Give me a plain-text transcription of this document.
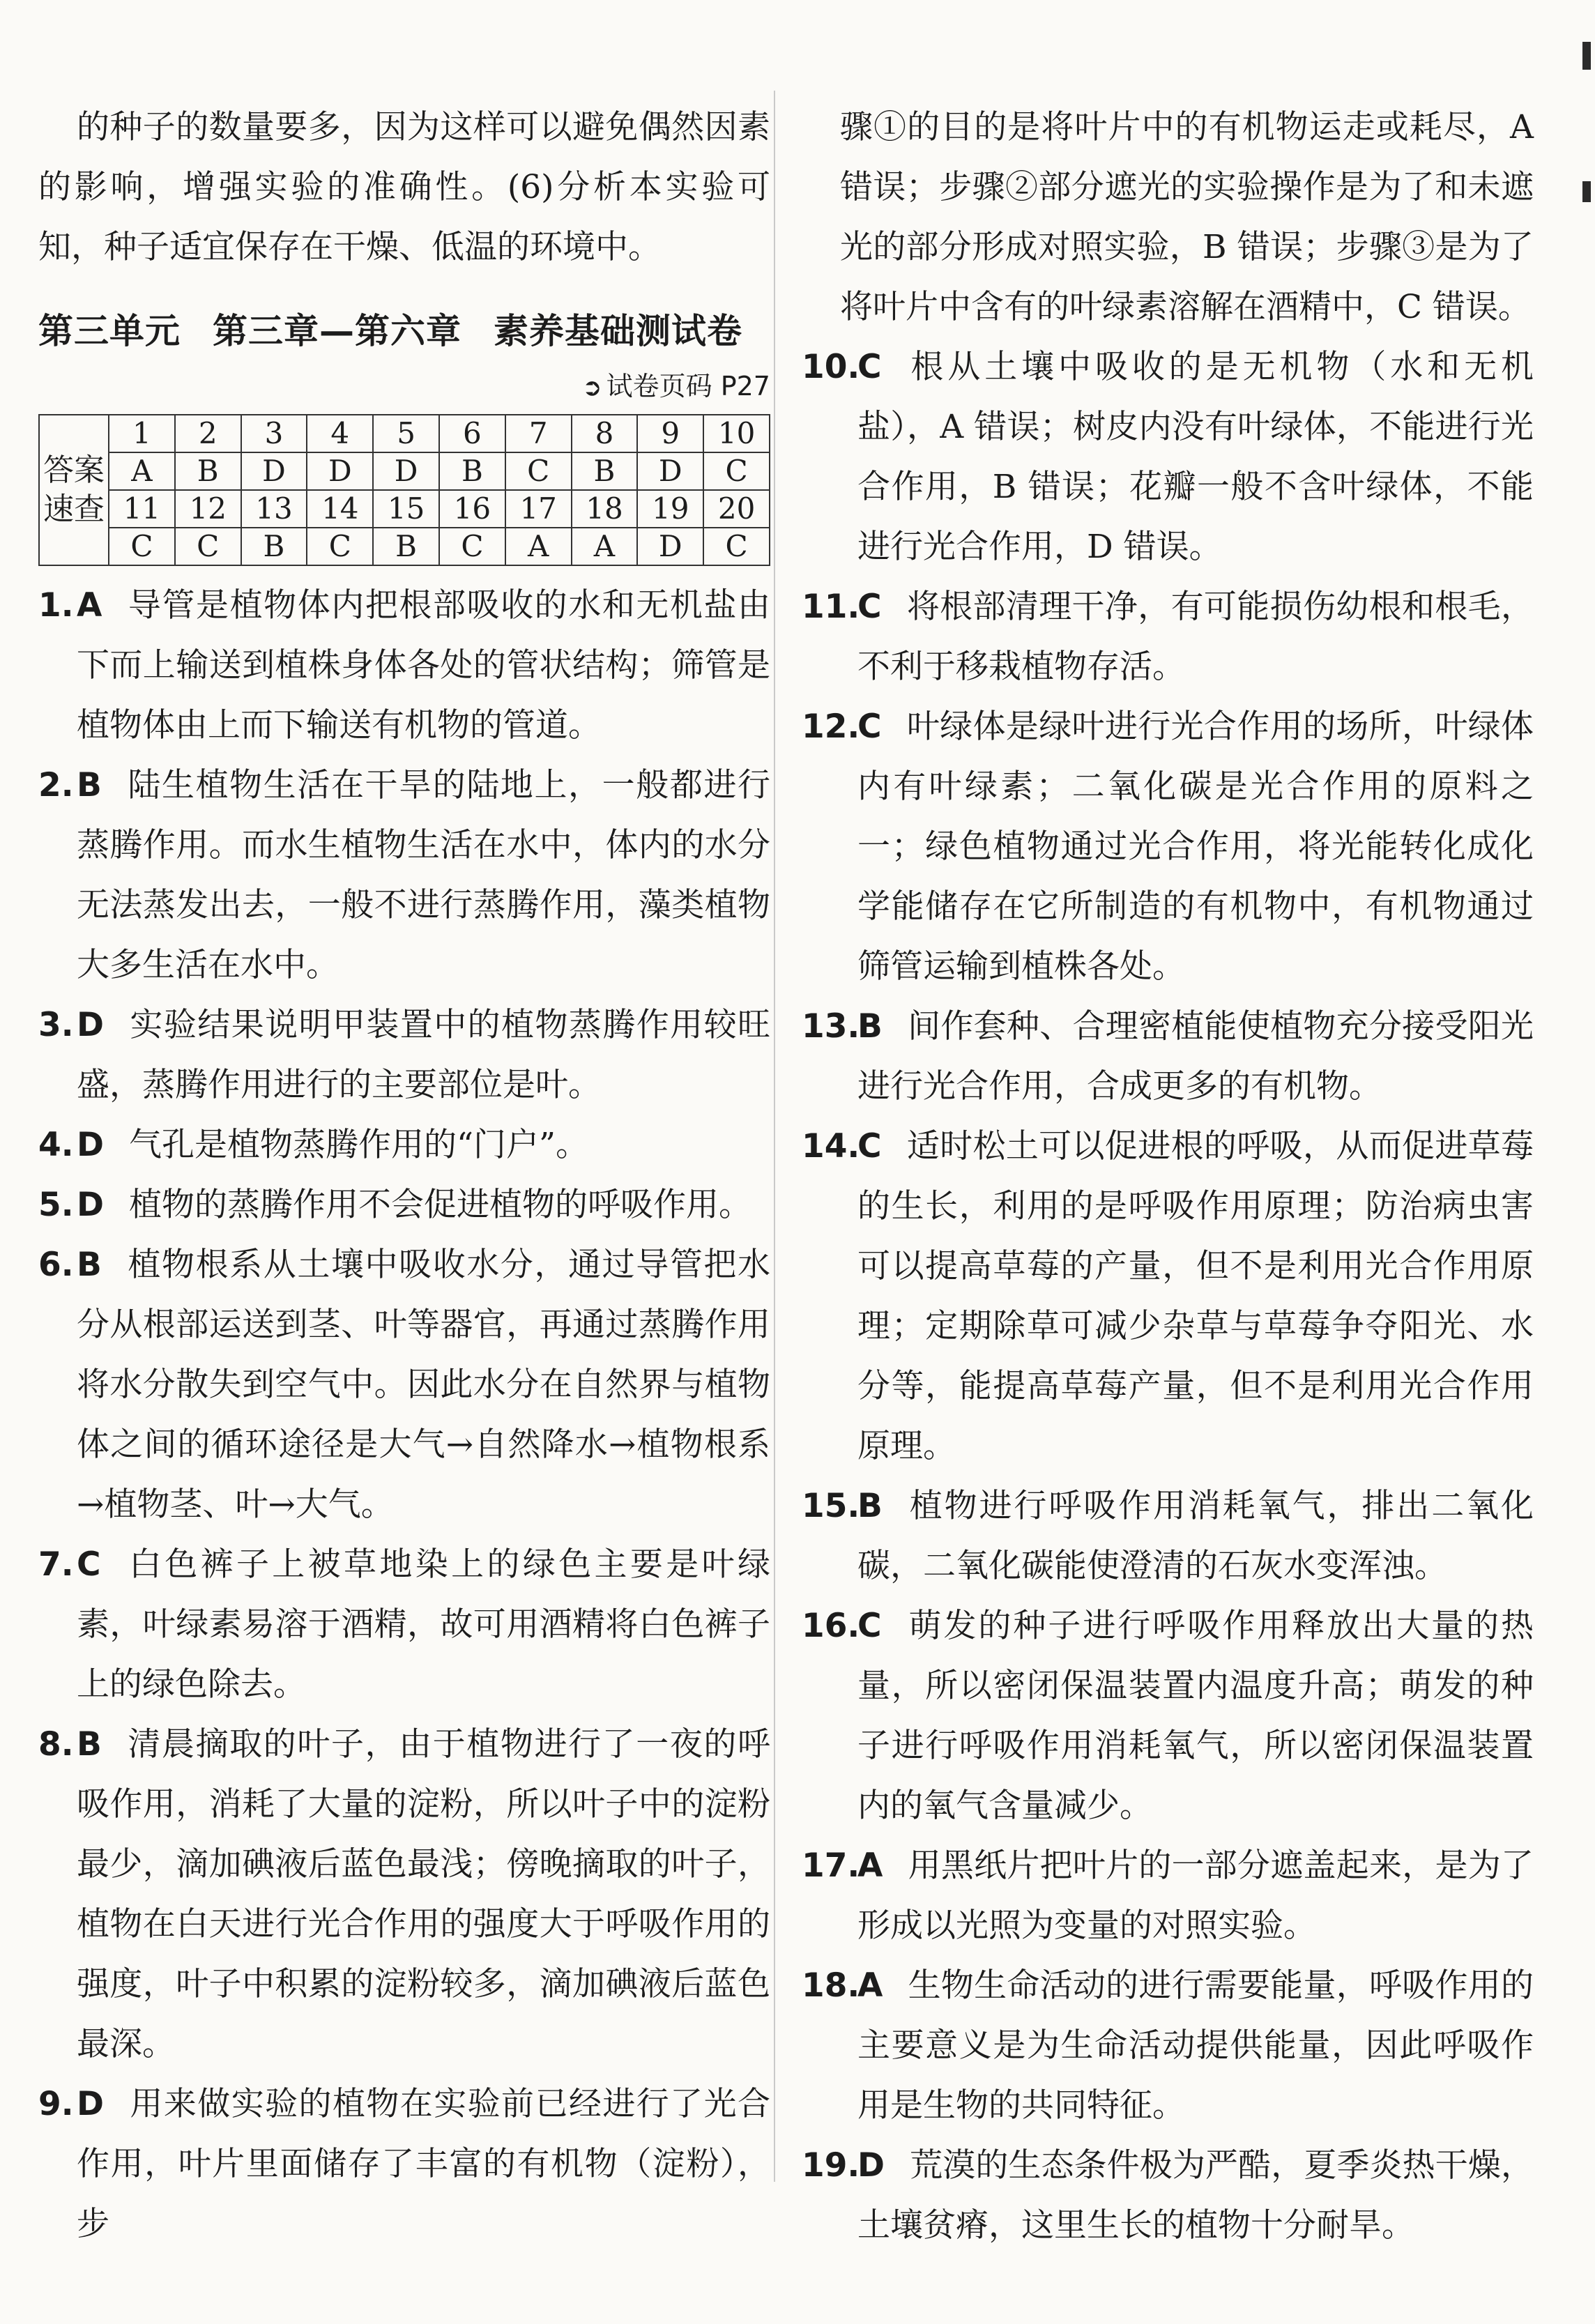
的种子的数量要多，因为这样可以避免偶然因素的影响，增强实验的准确性。(6)分析本实验可知，种子适宜保存在干燥、低温的环境中。

第三单元 第三章—第六章 素养基础测试卷
➲ 试卷页码 P27
答案速查	1	2	3	4	5	6	7	8	9	10
	A	B	D	D	D	B	C	B	D	C
	11	12	13	14	15	16	17	18	19	20
	C	C	B	C	B	C	A	A	D	C

1. A 导管是植物体内把根部吸收的水和无机盐由下而上输送到植株身体各处的管状结构；筛管是植物体由上而下输送有机物的管道。

2. B 陆生植物生活在干旱的陆地上，一般都进行蒸腾作用。而水生植物生活在水中，体内的水分无法蒸发出去，一般不进行蒸腾作用，藻类植物大多生活在水中。

3. D 实验结果说明甲装置中的植物蒸腾作用较旺盛，蒸腾作用进行的主要部位是叶。

4. D 气孔是植物蒸腾作用的“门户”。

5. D 植物的蒸腾作用不会促进植物的呼吸作用。

6. B 植物根系从土壤中吸收水分，通过导管把水分从根部运送到茎、叶等器官，再通过蒸腾作用将水分散失到空气中。因此水分在自然界与植物体之间的循环途径是大气→自然降水→植物根系→植物茎、叶→大气。

7. C 白色裤子上被草地染上的绿色主要是叶绿素，叶绿素易溶于酒精，故可用酒精将白色裤子上的绿色除去。

8. B 清晨摘取的叶子，由于植物进行了一夜的呼吸作用，消耗了大量的淀粉，所以叶子中的淀粉最少，滴加碘液后蓝色最浅；傍晚摘取的叶子，植物在白天进行光合作用的强度大于呼吸作用的强度，叶子中积累的淀粉较多，滴加碘液后蓝色最深。

9. D 用来做实验的植物在实验前已经进行了光合作用，叶片里面储存了丰富的有机物（淀粉），步

骤①的目的是将叶片中的有机物运走或耗尽，A 错误；步骤②部分遮光的实验操作是为了和未遮光的部分形成对照实验，B 错误；步骤③是为了将叶片中含有的叶绿素溶解在酒精中，C 错误。

10.
C 根从土壤中吸收的是无机物（水和无机盐），A 错误；树皮内没有叶绿体，不能进行光合作用，B 错误；花瓣一般不含叶绿体，不能进行光合作用，D 错误。

11.
C 将根部清理干净，有可能损伤幼根和根毛，不利于移栽植物存活。

12.
C 叶绿体是绿叶进行光合作用的场所，叶绿体内有叶绿素；二氧化碳是光合作用的原料之一；绿色植物通过光合作用，将光能转化成化学能储存在它所制造的有机物中，有机物通过筛管运输到植株各处。

13.
B 间作套种、合理密植能使植物充分接受阳光进行光合作用，合成更多的有机物。

14.
C 适时松土可以促进根的呼吸，从而促进草莓的生长，利用的是呼吸作用原理；防治病虫害可以提高草莓的产量，但不是利用光合作用原理；定期除草可减少杂草与草莓争夺阳光、水分等，能提高草莓产量，但不是利用光合作用原理。

15.
B 植物进行呼吸作用消耗氧气，排出二氧化碳，二氧化碳能使澄清的石灰水变浑浊。

16.
C 萌发的种子进行呼吸作用释放出大量的热量，所以密闭保温装置内温度升高；萌发的种子进行呼吸作用消耗氧气，所以密闭保温装置内的氧气含量减少。

17.
A 用黑纸片把叶片的一部分遮盖起来，是为了形成以光照为变量的对照实验。

18.
A 生物生命活动的进行需要能量，呼吸作用的主要意义是为生命活动提供能量，因此呼吸作用是生物的共同特征。

19.
D 荒漠的生态条件极为严酷，夏季炎热干燥，土壤贫瘠，这里生长的植物十分耐旱。
